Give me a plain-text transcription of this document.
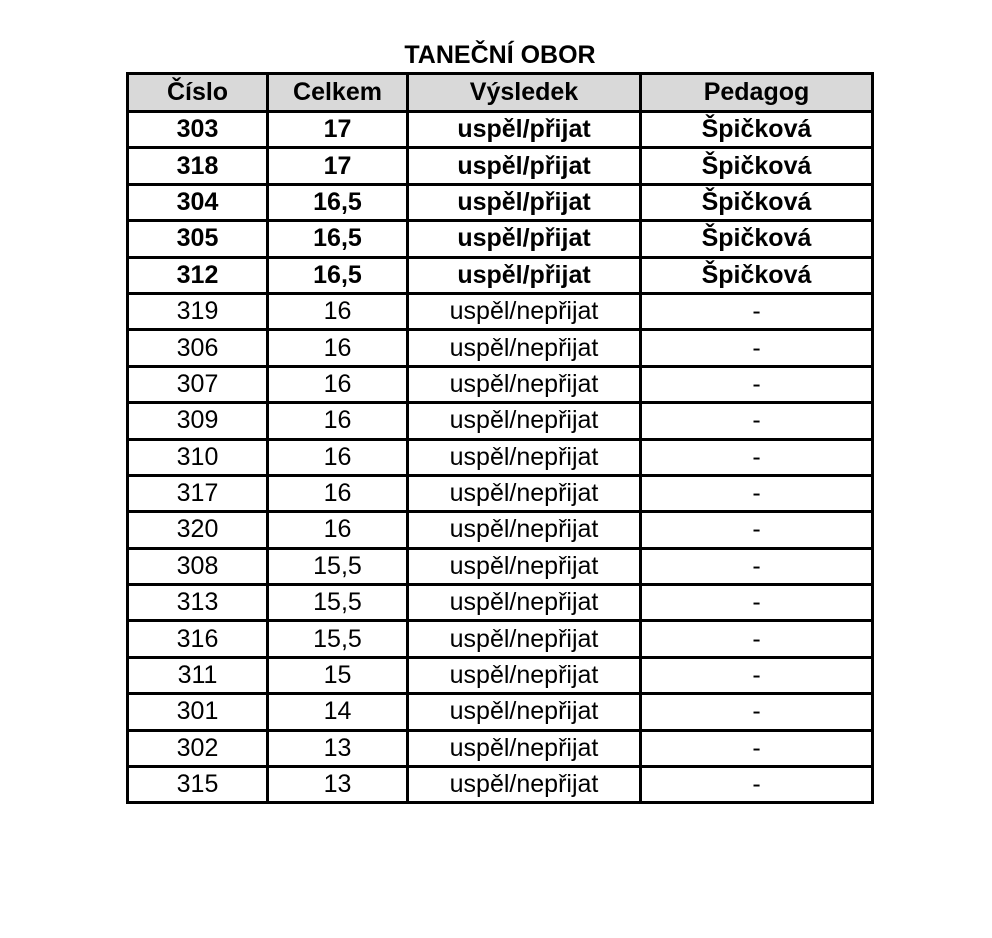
TANEČNÍ OBOR
Číslo	Celkem	Výsledek	Pedagog
303	17	uspěl/přijat	Špičková
318	17	uspěl/přijat	Špičková
304	16,5	uspěl/přijat	Špičková
305	16,5	uspěl/přijat	Špičková
312	16,5	uspěl/přijat	Špičková
319	16	uspěl/nepřijat	-
306	16	uspěl/nepřijat	-
307	16	uspěl/nepřijat	-
309	16	uspěl/nepřijat	-
310	16	uspěl/nepřijat	-
317	16	uspěl/nepřijat	-
320	16	uspěl/nepřijat	-
308	15,5	uspěl/nepřijat	-
313	15,5	uspěl/nepřijat	-
316	15,5	uspěl/nepřijat	-
311	15	uspěl/nepřijat	-
301	14	uspěl/nepřijat	-
302	13	uspěl/nepřijat	-
315	13	uspěl/nepřijat	-
